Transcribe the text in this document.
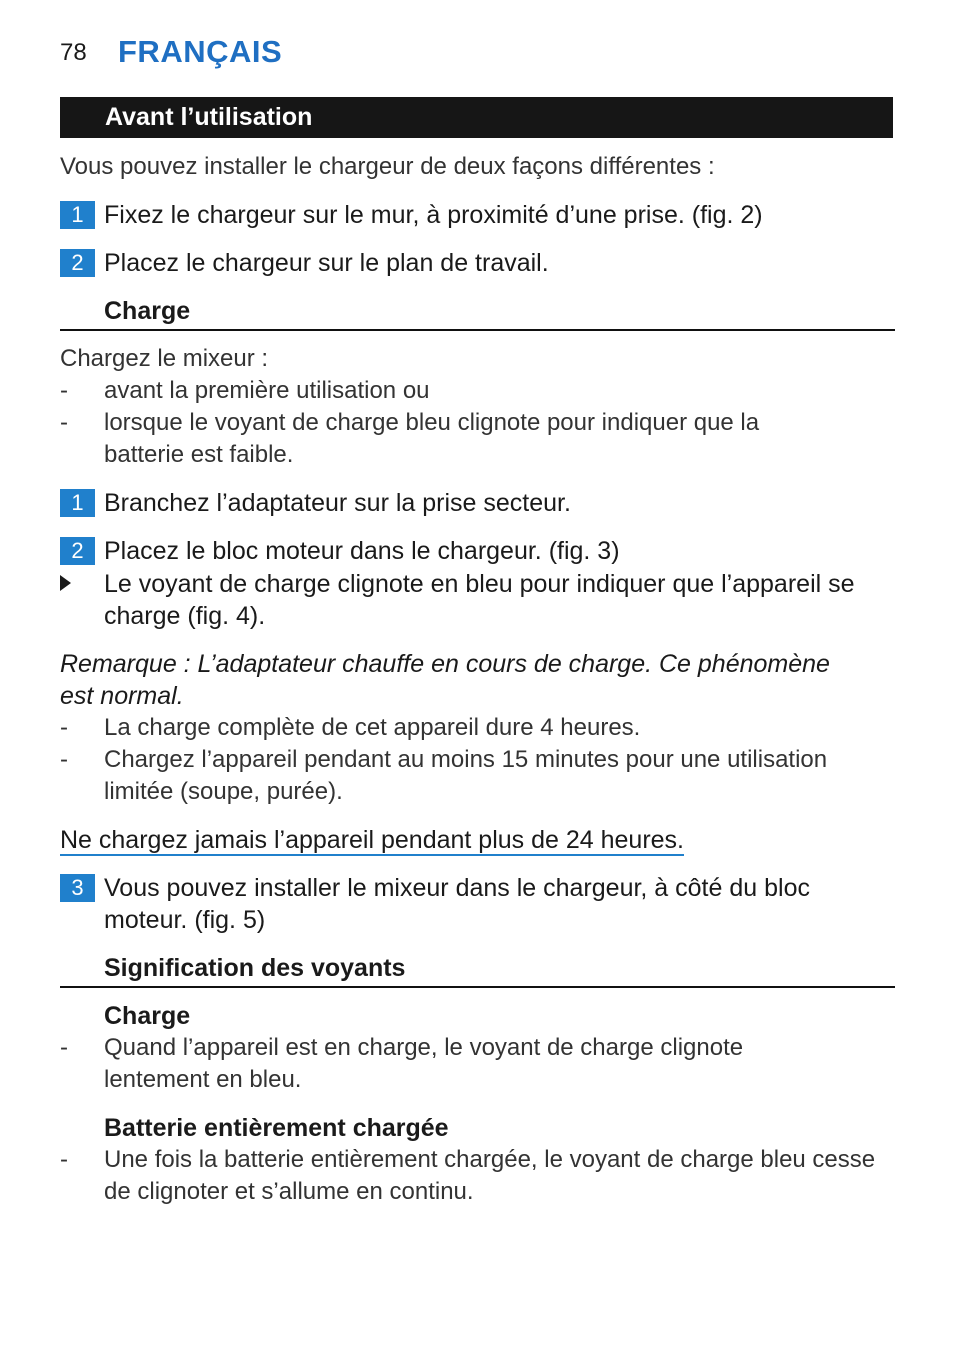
78 FRANÇAIS
Avant l’utilisation
Vous pouvez installer le chargeur de deux façons différentes :
1 Fixez le chargeur sur le mur, à proximité d’une prise. (fig. 2)
2 Placez le chargeur sur le plan de travail.
Charge
Chargez le mixeur :
- avant la première utilisation ou
- lorsque le voyant de charge bleu clignote pour indiquer que la batterie est faible.
1 Branchez l’adaptateur sur la prise secteur.
2 Placez le bloc moteur dans le chargeur. (fig. 3)
Le voyant de charge clignote en bleu pour indiquer que l’appareil se charge (fig. 4).
Remarque : L’adaptateur chauffe en cours de charge. Ce phénomène est normal.
- La charge complète de cet appareil dure 4 heures.
- Chargez l’appareil pendant au moins 15 minutes pour une utilisation limitée (soupe, purée).
Ne chargez jamais l’appareil pendant plus de 24 heures.
3 Vous pouvez installer le mixeur dans le chargeur, à côté du bloc moteur. (fig. 5)
Signification des voyants
Charge
- Quand l’appareil est en charge, le voyant de charge clignote lentement en bleu.
Batterie entièrement chargée
- Une fois la batterie entièrement chargée, le voyant de charge bleu cesse de clignoter et s’allume en continu.
